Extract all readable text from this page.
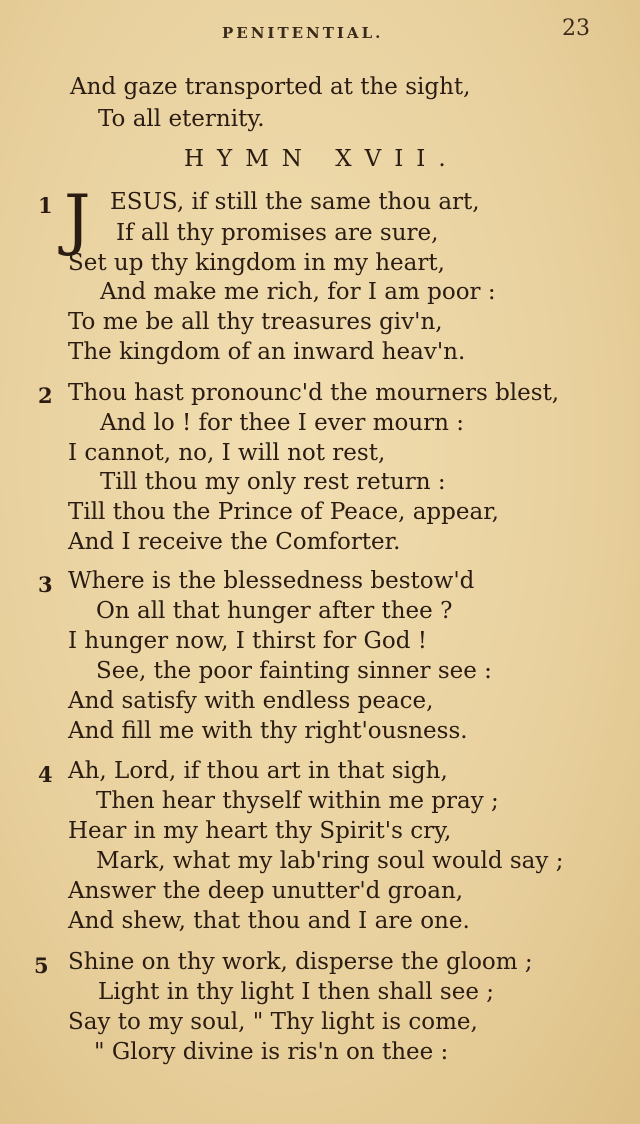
PENITENTIAL.	23
And gaze transported at the sight,
To all eternity.
HYMN XVII.
1 J ESUS, if still the same thou art,
If all thy promises are sure,
Set up thy kingdom in my heart,
And make me rich, for I am poor :
To me be all thy treasures giv'n,
The kingdom of an inward heav'n.
2 Thou hast pronounc'd the mourners blest,
And lo ! for thee I ever mourn :
I cannot, no, I will not rest,
Till thou my only rest return :
Till thou the Prince of Peace, appear,
And I receive the Comforter.
3 Where is the blessedness bestow'd
On all that hunger after thee ?
I hunger now, I thirst for God !
See, the poor fainting sinner see :
And satisfy with endless peace,
And fill me with thy right'ousness.
4 Ah, Lord, if thou art in that sigh,
Then hear thyself within me pray ;
Hear in my heart thy Spirit's cry,
Mark, what my lab'ring soul would say ;
Answer the deep unutter'd groan,
And shew, that thou and I are one.
5 Shine on thy work, disperse the gloom ;
Light in thy light I then shall see ;
Say to my soul, " Thy light is come,
" Glory divine is ris'n on thee :
